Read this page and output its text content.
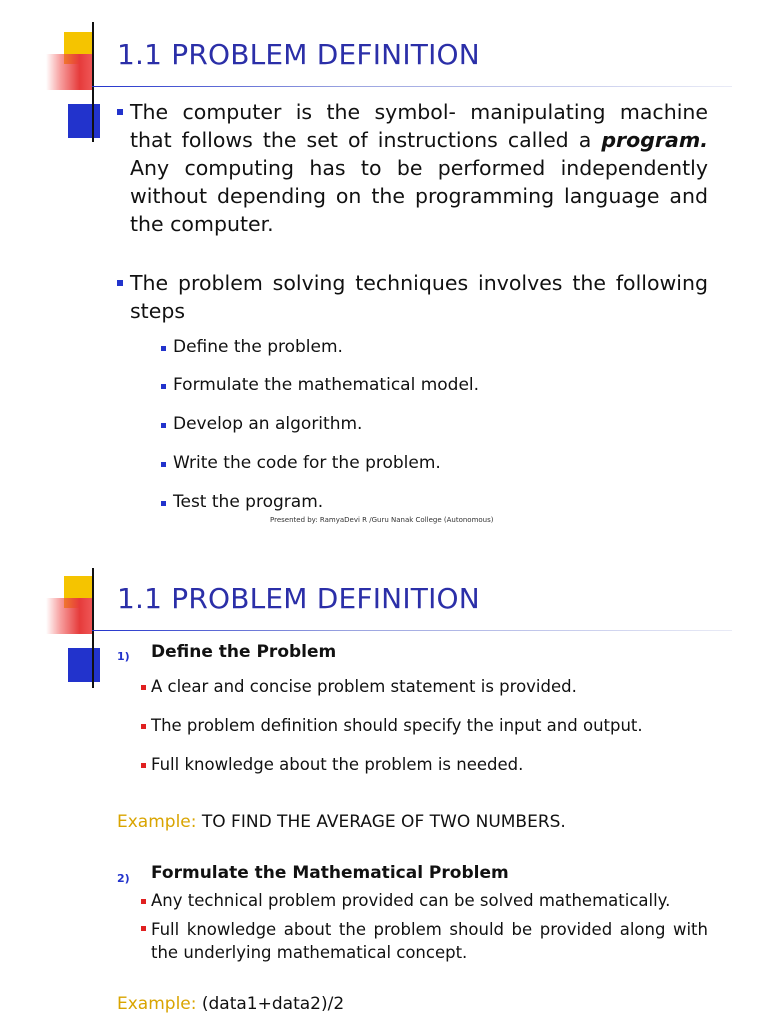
1.1 PROBLEM DEFINITION
The computer is the symbol- manipulating machine that follows the set of instructions called a program. Any computing has to be performed independently without depending on the programming language and the computer.
The problem solving techniques involves the following steps
Define the problem.
Formulate the mathematical model.
Develop an algorithm.
Write the code for the problem.
Test the program.
Presented by: RamyaDevi R /Guru Nanak College (Autonomous)
1.1 PROBLEM DEFINITION
1) Define the Problem
A clear and concise problem statement is provided.
The problem definition should specify the input and output.
Full knowledge about the problem is needed.
Example: TO FIND THE AVERAGE OF TWO NUMBERS.
2) Formulate the Mathematical Problem
Any technical problem provided can be solved mathematically.
Full knowledge about the problem should be provided along with the underlying mathematical concept.
Example: (data1+data2)/2
